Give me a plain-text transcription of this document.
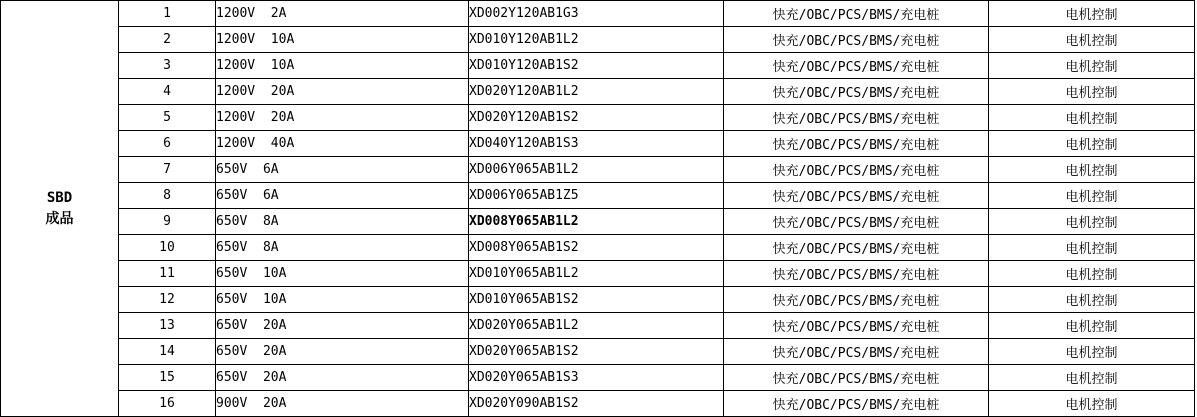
SBD
成品	1	1200V  2A	XD002Y120AB1G3	快充/OBC/PCS/BMS/充电桩	电机控制
	2	1200V  10A	XD010Y120AB1L2	快充/OBC/PCS/BMS/充电桩	电机控制
	3	1200V  10A	XD010Y120AB1S2	快充/OBC/PCS/BMS/充电桩	电机控制
	4	1200V  20A	XD020Y120AB1L2	快充/OBC/PCS/BMS/充电桩	电机控制
	5	1200V  20A	XD020Y120AB1S2	快充/OBC/PCS/BMS/充电桩	电机控制
	6	1200V  40A	XD040Y120AB1S3	快充/OBC/PCS/BMS/充电桩	电机控制
	7	650V  6A	XD006Y065AB1L2	快充/OBC/PCS/BMS/充电桩	电机控制
	8	650V  6A	XD006Y065AB1Z5	快充/OBC/PCS/BMS/充电桩	电机控制
	9	650V  8A	XD008Y065AB1L2	快充/OBC/PCS/BMS/充电桩	电机控制
	10	650V  8A	XD008Y065AB1S2	快充/OBC/PCS/BMS/充电桩	电机控制
	11	650V  10A	XD010Y065AB1L2	快充/OBC/PCS/BMS/充电桩	电机控制
	12	650V  10A	XD010Y065AB1S2	快充/OBC/PCS/BMS/充电桩	电机控制
	13	650V  20A	XD020Y065AB1L2	快充/OBC/PCS/BMS/充电桩	电机控制
	14	650V  20A	XD020Y065AB1S2	快充/OBC/PCS/BMS/充电桩	电机控制
	15	650V  20A	XD020Y065AB1S3	快充/OBC/PCS/BMS/充电桩	电机控制
	16	900V  20A	XD020Y090AB1S2	快充/OBC/PCS/BMS/充电桩	电机控制
